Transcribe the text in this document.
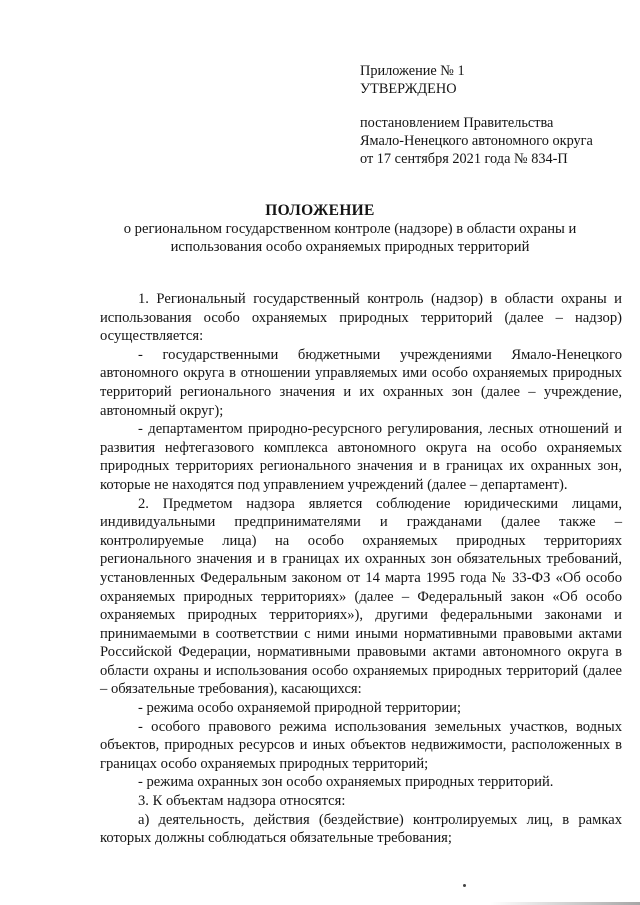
Приложение № 1
УТВЕРЖДЕНО
постановлением Правительства
Ямало-Ненецкого автономного округа
от 17 сентября 2021 года № 834-П
ПОЛОЖЕНИЕ
о региональном государственном контроле (надзоре) в области охраны и использования особо охраняемых природных территорий

1. Региональный государственный контроль (надзор) в области охраны и использования особо охраняемых природных территорий (далее – надзор) осуществляется:

- государственными бюджетными учреждениями Ямало-Ненецкого автономного округа в отношении управляемых ими особо охраняемых природных территорий регионального значения и их охранных зон (далее – учреждение, автономный округ);

- департаментом природно-ресурсного регулирования, лесных отношений и развития нефтегазового комплекса автономного округа на особо охраняемых природных территориях регионального значения и в границах их охранных зон, которые не находятся под управлением учреждений (далее – департамент).

2. Предметом надзора является соблюдение юридическими лицами, индивидуальными предпринимателями и гражданами (далее также – контролируемые лица) на особо охраняемых природных территориях регионального значения и в границах их охранных зон обязательных требований, установленных Федеральным законом от 14 марта 1995 года № 33-ФЗ «Об особо охраняемых природных территориях» (далее – Федеральный закон «Об особо охраняемых природных территориях»), другими федеральными законами и принимаемыми в соответствии с ними иными нормативными правовыми актами Российской Федерации, нормативными правовыми актами автономного округа в области охраны и использования особо охраняемых природных территорий (далее – обязательные требования), касающихся:

- режима особо охраняемой природной территории;

- особого правового режима использования земельных участков, водных объектов, природных ресурсов и иных объектов недвижимости, расположенных в границах особо охраняемых природных территорий;

- режима охранных зон особо охраняемых природных территорий.

3. К объектам надзора относятся:

а) деятельность, действия (бездействие) контролируемых лиц, в рамках которых должны соблюдаться обязательные требования;
